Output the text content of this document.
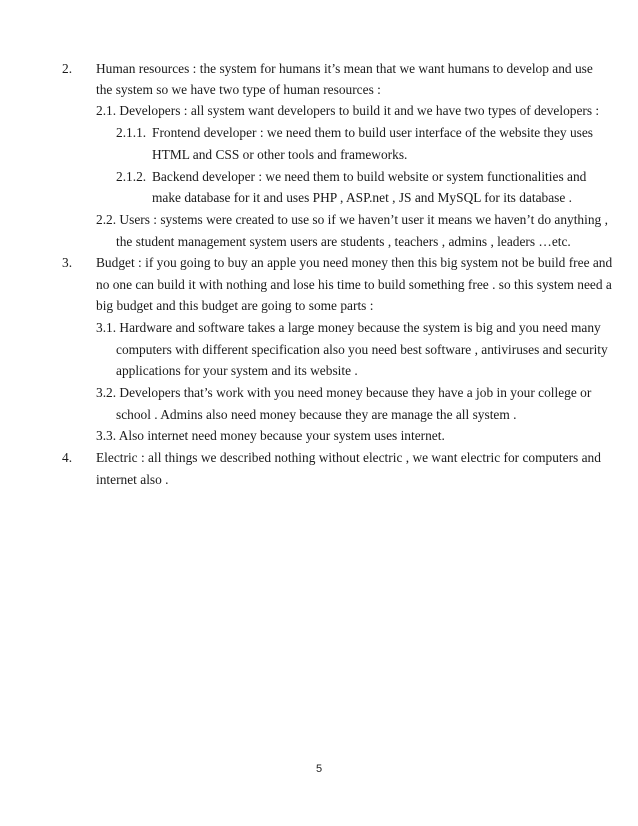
2. Human resources : the system for humans it’s mean that we want humans to develop and use
the system so we have two type of human resources :
2.1. Developers : all system want developers to build it and we have two types of developers :
2.1.1. Frontend developer : we need them to build user interface of the website they uses
HTML and CSS or other tools and frameworks.
2.1.2. Backend developer : we need them to build website or system functionalities and
make database for it and uses PHP , ASP.net , JS and MySQL for its database .
2.2. Users : systems were created to use so if we haven’t user it means we haven’t do anything ,
the student management system users are students , teachers , admins , leaders …etc.
3. Budget : if you going to buy an apple you need money then this big system not be build free and
no one can build it with nothing and lose his time to build something free . so this system need a
big budget and this budget are going to some parts :
3.1. Hardware and software takes a large money because the system is big and you need many
computers with different specification also you need best software , antiviruses and security
applications for your system and its website .
3.2. Developers that’s work with you need money because they have a job in your college or
school . Admins also need money because they are manage the all system .
3.3. Also internet need money because your system uses internet.
4. Electric : all things we described nothing without electric , we want electric for computers and
internet also .
5
